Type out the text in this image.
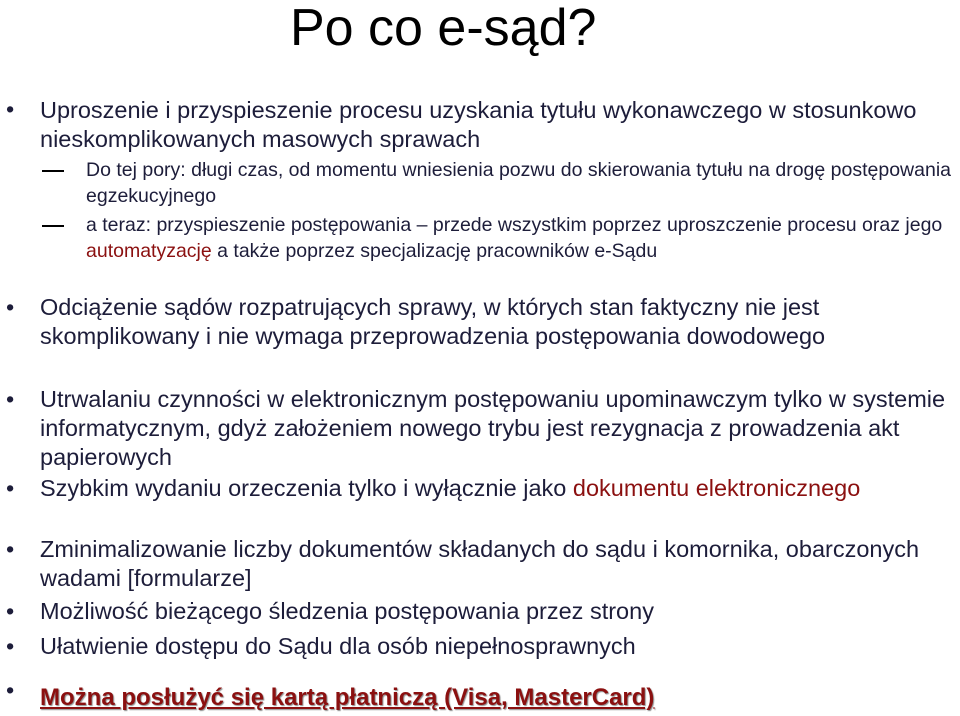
Po co e-sąd?
• Uproszenie i przyspieszenie procesu uzyskania tytułu wykonawczego w stosunkowo nieskomplikowanych masowych sprawach
Do tej pory: długi czas, od momentu wniesienia pozwu do skierowania tytułu na drogę postępowania egzekucyjnego
a teraz: przyspieszenie postępowania – przede wszystkim poprzez uproszczenie procesu oraz jego automatyzację a także poprzez specjalizację pracowników e-Sądu
• Odciążenie sądów rozpatrujących sprawy, w których stan faktyczny nie jest skomplikowany i nie wymaga przeprowadzenia postępowania dowodowego
• Utrwalaniu czynności w elektronicznym postępowaniu upominawczym tylko w systemie informatycznym, gdyż założeniem nowego trybu jest rezygnacja z prowadzenia akt papierowych
• Szybkim wydaniu orzeczenia tylko i wyłącznie jako dokumentu elektronicznego
• Zminimalizowanie liczby dokumentów składanych do sądu i komornika, obarczonych wadami [formularze]
• Możliwość bieżącego śledzenia postępowania przez strony
• Ułatwienie dostępu do Sądu dla osób niepełnosprawnych
• Można posłużyć się kartą płatniczą (Visa, MasterCard)
